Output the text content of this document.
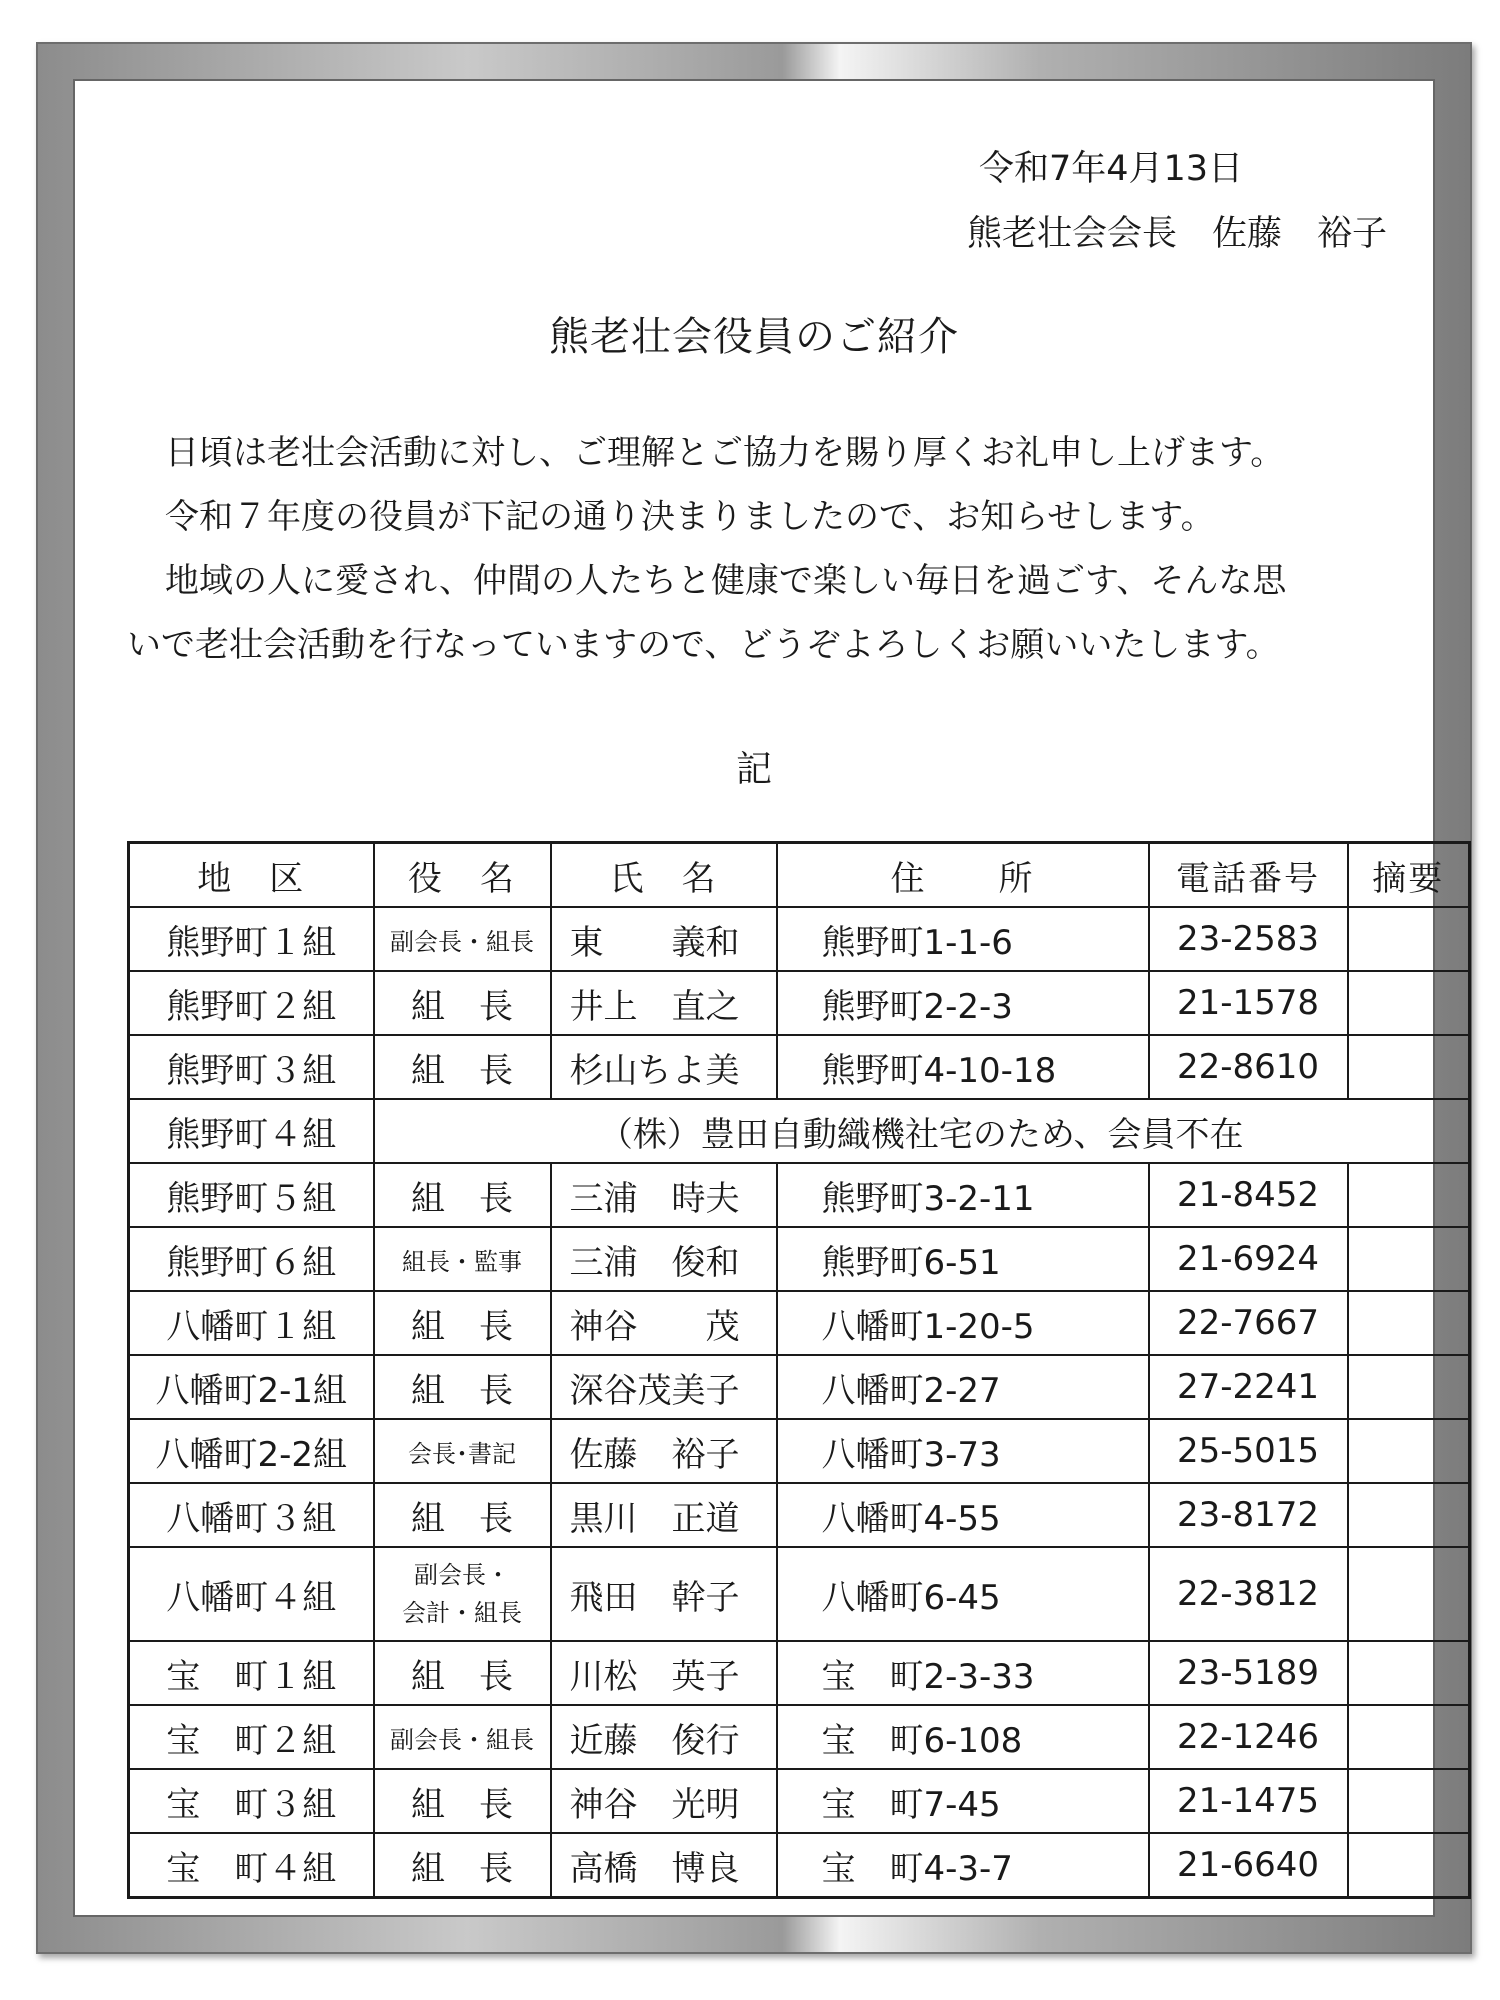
令和7年4月13日
熊老壮会会長　佐藤　裕子
熊老壮会役員のご紹介

日頃は老壮会活動に対し、ご理解とご協力を賜り厚くお礼申し上げます。

令和７年度の役員が下記の通り決まりましたので、お知らせします。

地域の人に愛され、仲間の人たちと健康で楽しい毎日を過ごす、そんな思

いで老壮会活動を行なっていますので、どうぞよろしくお願いいたします。

記
地　区	役　名	氏　名	住　　所	電話番号	摘要
熊野町１組	副会長・組長	東　　義和	熊野町1-1-6	23-2583	
熊野町２組	組　長	井上　直之	熊野町2-2-3	21-1578	
熊野町３組	組　長	杉山ちよ美	熊野町4-10-18	22-8610	
熊野町４組	（株）豊田自動織機社宅のため、会員不在				
熊野町５組	組　長	三浦　時夫	熊野町3-2-11	21-8452	
熊野町６組	組長・監事	三浦　俊和	熊野町6-51	21-6924	
八幡町１組	組　長	神谷　　茂	八幡町1-20-5	22-7667	
八幡町2-1組	組　長	深谷茂美子	八幡町2-27	27-2241	
八幡町2-2組	会長･書記	佐藤　裕子	八幡町3-73	25-5015	
八幡町３組	組　長	黒川　正道	八幡町4-55	23-8172	
八幡町４組	副会長・
会計・組長	飛田　幹子	八幡町6-45	22-3812	
宝　町１組	組　長	川松　英子	宝　町2-3-33	23-5189	
宝　町２組	副会長・組長	近藤　俊行	宝　町6-108	22-1246	
宝　町３組	組　長	神谷　光明	宝　町7-45	21-1475	
宝　町４組	組　長	高橋　博良	宝　町4-3-7	21-6640	
